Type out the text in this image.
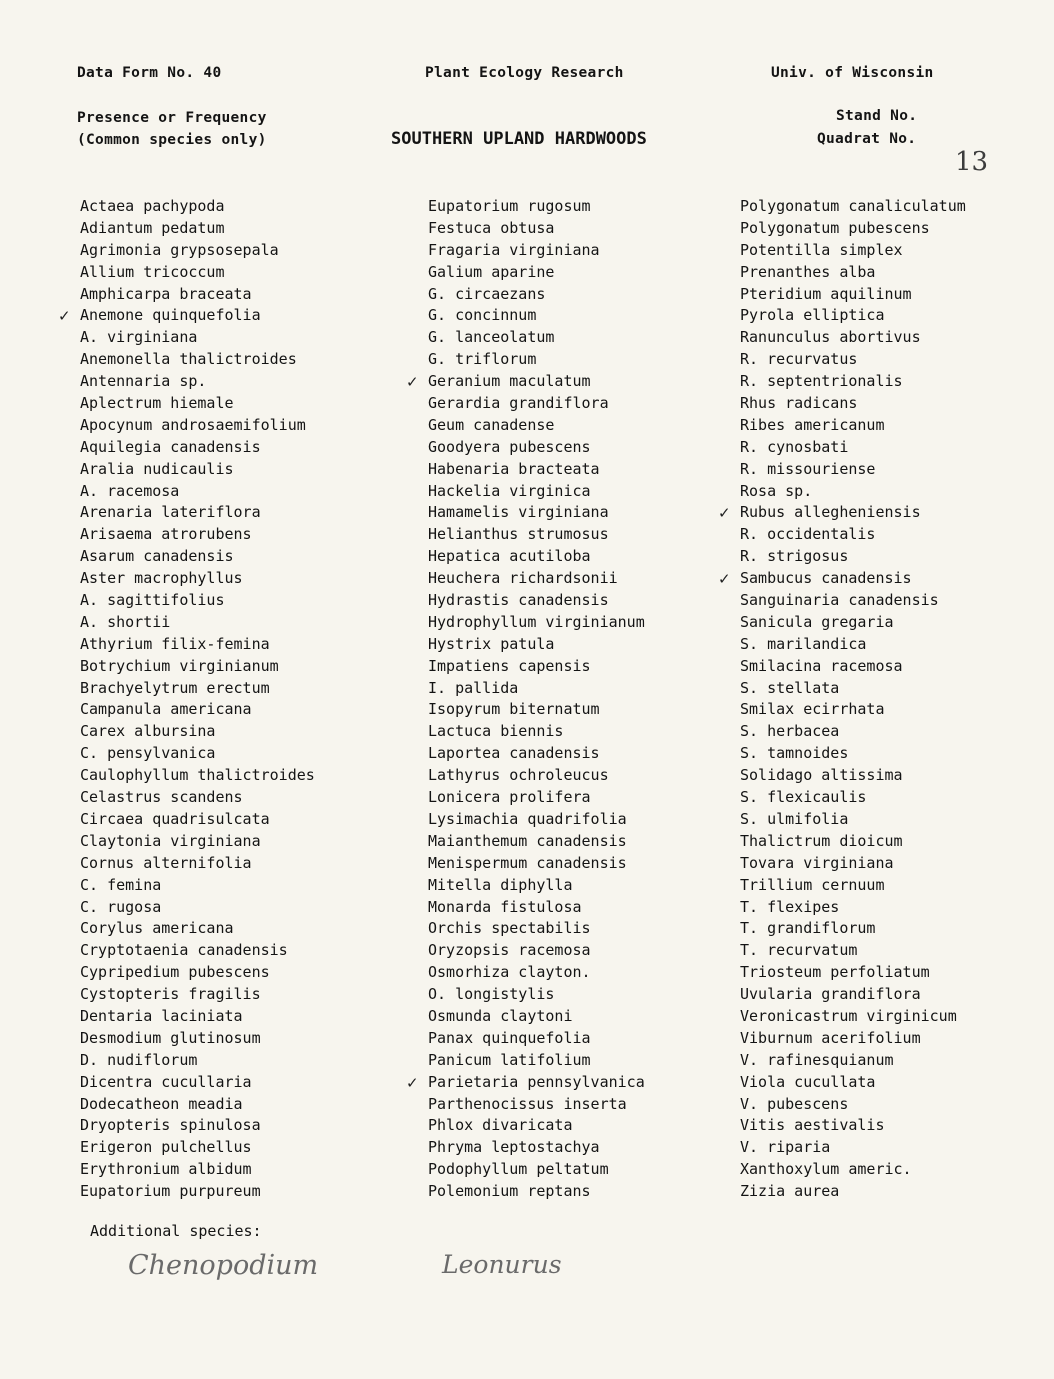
Data Form No. 40	Plant Ecology Research	Univ. of Wisconsin
Presence or Frequency
(Common species only)	SOUTHERN UPLAND HARDWOODS
Stand No.
Quadrat No.
13
Actaea pachypoda
Adiantum pedatum
Agrimonia grypsosepala
Allium tricoccum
Amphicarpa braceata
✓ Anemone quinquefolia
A. virginiana
Anemonella thalictroides
Antennaria sp.
Aplectrum hiemale
Apocynum androsaemifolium
Aquilegia canadensis
Aralia nudicaulis
A. racemosa
Arenaria lateriflora
Arisaema atrorubens
Asarum canadensis
Aster macrophyllus
A. sagittifolius
A. shortii
Athyrium filix-femina
Botrychium virginianum
Brachyelytrum erectum
Campanula americana
Carex albursina
C. pensylvanica
Caulophyllum thalictroides
Celastrus scandens
Circaea quadrisulcata
Claytonia virginiana
Cornus alternifolia
C. femina
C. rugosa
Corylus americana
Cryptotaenia canadensis
Cypripedium pubescens
Cystopteris fragilis
Dentaria laciniata
Desmodium glutinosum
D. nudiflorum
Dicentra cucullaria
Dodecatheon meadia
Dryopteris spinulosa
Erigeron pulchellus
Erythronium albidum
Eupatorium purpureum
Eupatorium rugosum
Festuca obtusa
Fragaria virginiana
Galium aparine
G. circaezans
G. concinnum
G. lanceolatum
G. triflorum
✓ Geranium maculatum
Gerardia grandiflora
Geum canadense
Goodyera pubescens
Habenaria bracteata
Hackelia virginica
Hamamelis virginiana
Helianthus strumosus
Hepatica acutiloba
Heuchera richardsonii
Hydrastis canadensis
Hydrophyllum virginianum
Hystrix patula
Impatiens capensis
I. pallida
Isopyrum biternatum
Lactuca biennis
Laportea canadensis
Lathyrus ochroleucus
Lonicera prolifera
Lysimachia quadrifolia
Maianthemum canadensis
Menispermum canadensis
Mitella diphylla
Monarda fistulosa
Orchis spectabilis
Oryzopsis racemosa
Osmorhiza clayton.
O. longistylis
Osmunda claytoni
Panax quinquefolia
Panicum latifolium
✓ Parietaria pennsylvanica
Parthenocissus inserta
Phlox divaricata
Phryma leptostachya
Podophyllum peltatum
Polemonium reptans
Polygonatum canaliculatum
Polygonatum pubescens
Potentilla simplex
Prenanthes alba
Pteridium aquilinum
Pyrola elliptica
Ranunculus abortivus
R. recurvatus
R. septentrionalis
Rhus radicans
Ribes americanum
R. cynosbati
R. missouriense
Rosa sp.
✓ Rubus allegheniensis
R. occidentalis
R. strigosus
✓ Sambucus canadensis
Sanguinaria canadensis
Sanicula gregaria
S. marilandica
Smilacina racemosa
S. stellata
Smilax ecirrhata
S. herbacea
S. tamnoides
Solidago altissima
S. flexicaulis
S. ulmifolia
Thalictrum dioicum
Tovara virginiana
Trillium cernuum
T. flexipes
T. grandiflorum
T. recurvatum
Triosteum perfoliatum
Uvularia grandiflora
Veronicastrum virginicum
Viburnum acerifolium
V. rafinesquianum
Viola cucullata
V. pubescens
Vitis aestivalis
V. riparia
Xanthoxylum americ.
Zizia aurea
Additional species:
Chenopodium	Leonurus
